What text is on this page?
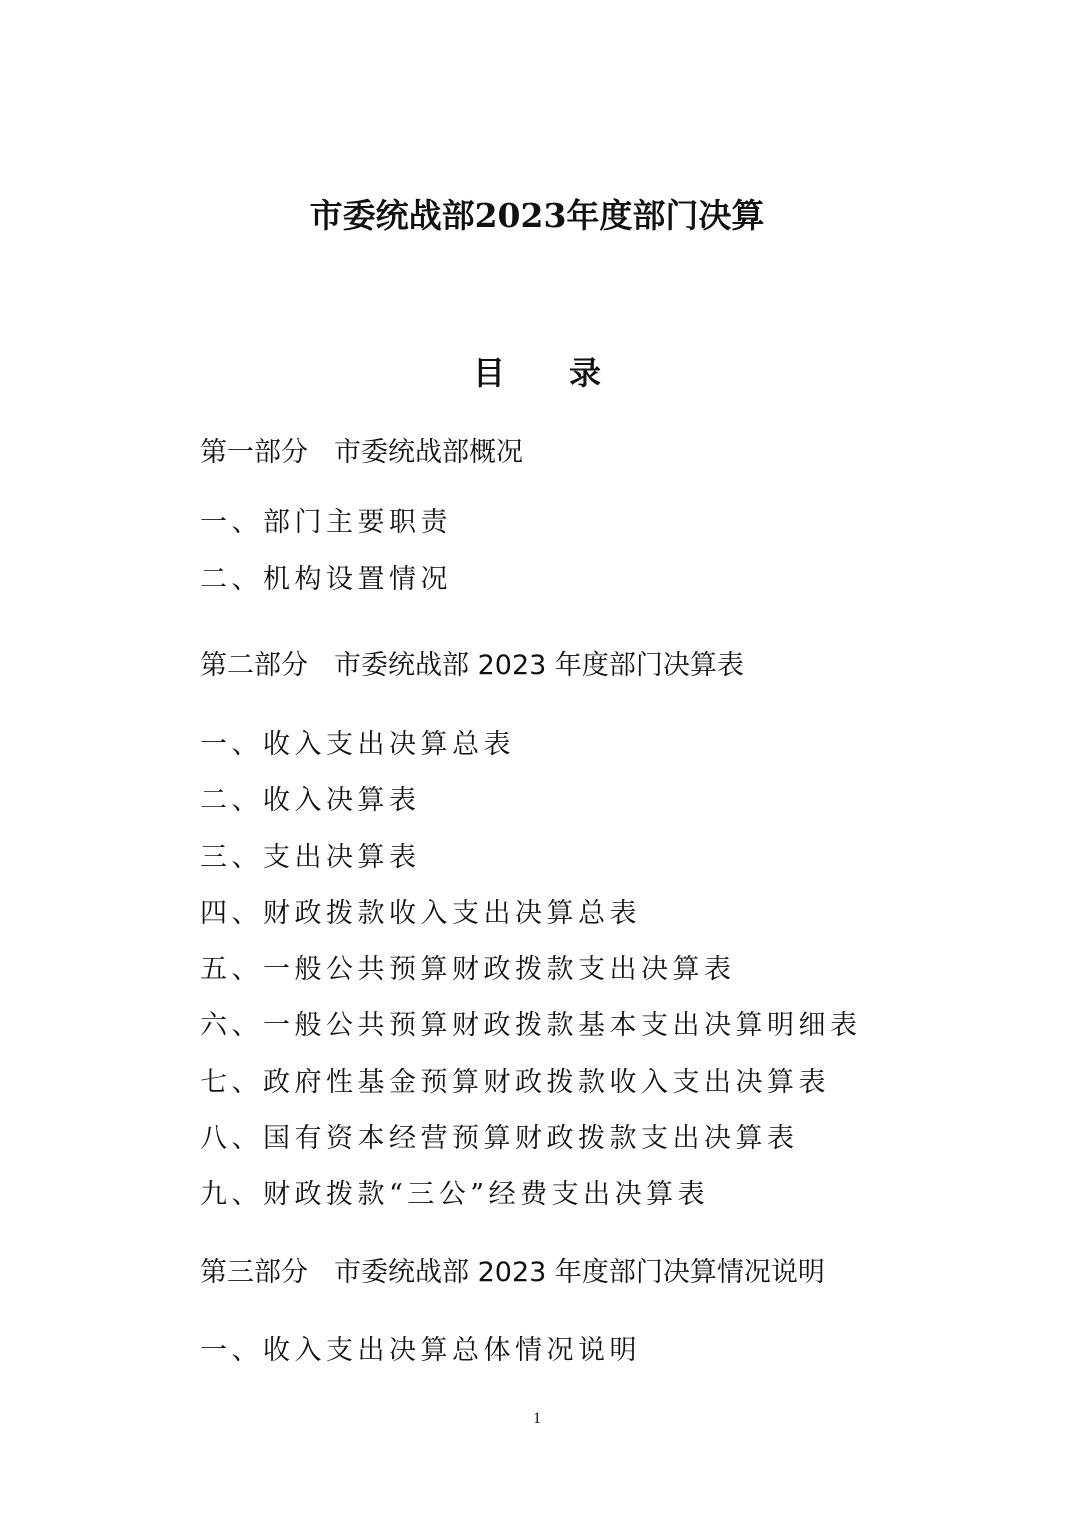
市委统战部2023年度部门决算
目录
第一部分 市委统战部概况
一、部门主要职责
二、机构设置情况
第二部分 市委统战部 2023 年度部门决算表
一、收入支出决算总表
二、收入决算表
三、支出决算表
四、财政拨款收入支出决算总表
五、一般公共预算财政拨款支出决算表
六、一般公共预算财政拨款基本支出决算明细表
七、政府性基金预算财政拨款收入支出决算表
八、国有资本经营预算财政拨款支出决算表
九、财政拨款“三公”经费支出决算表
第三部分 市委统战部 2023 年度部门决算情况说明
一、收入支出决算总体情况说明
1
